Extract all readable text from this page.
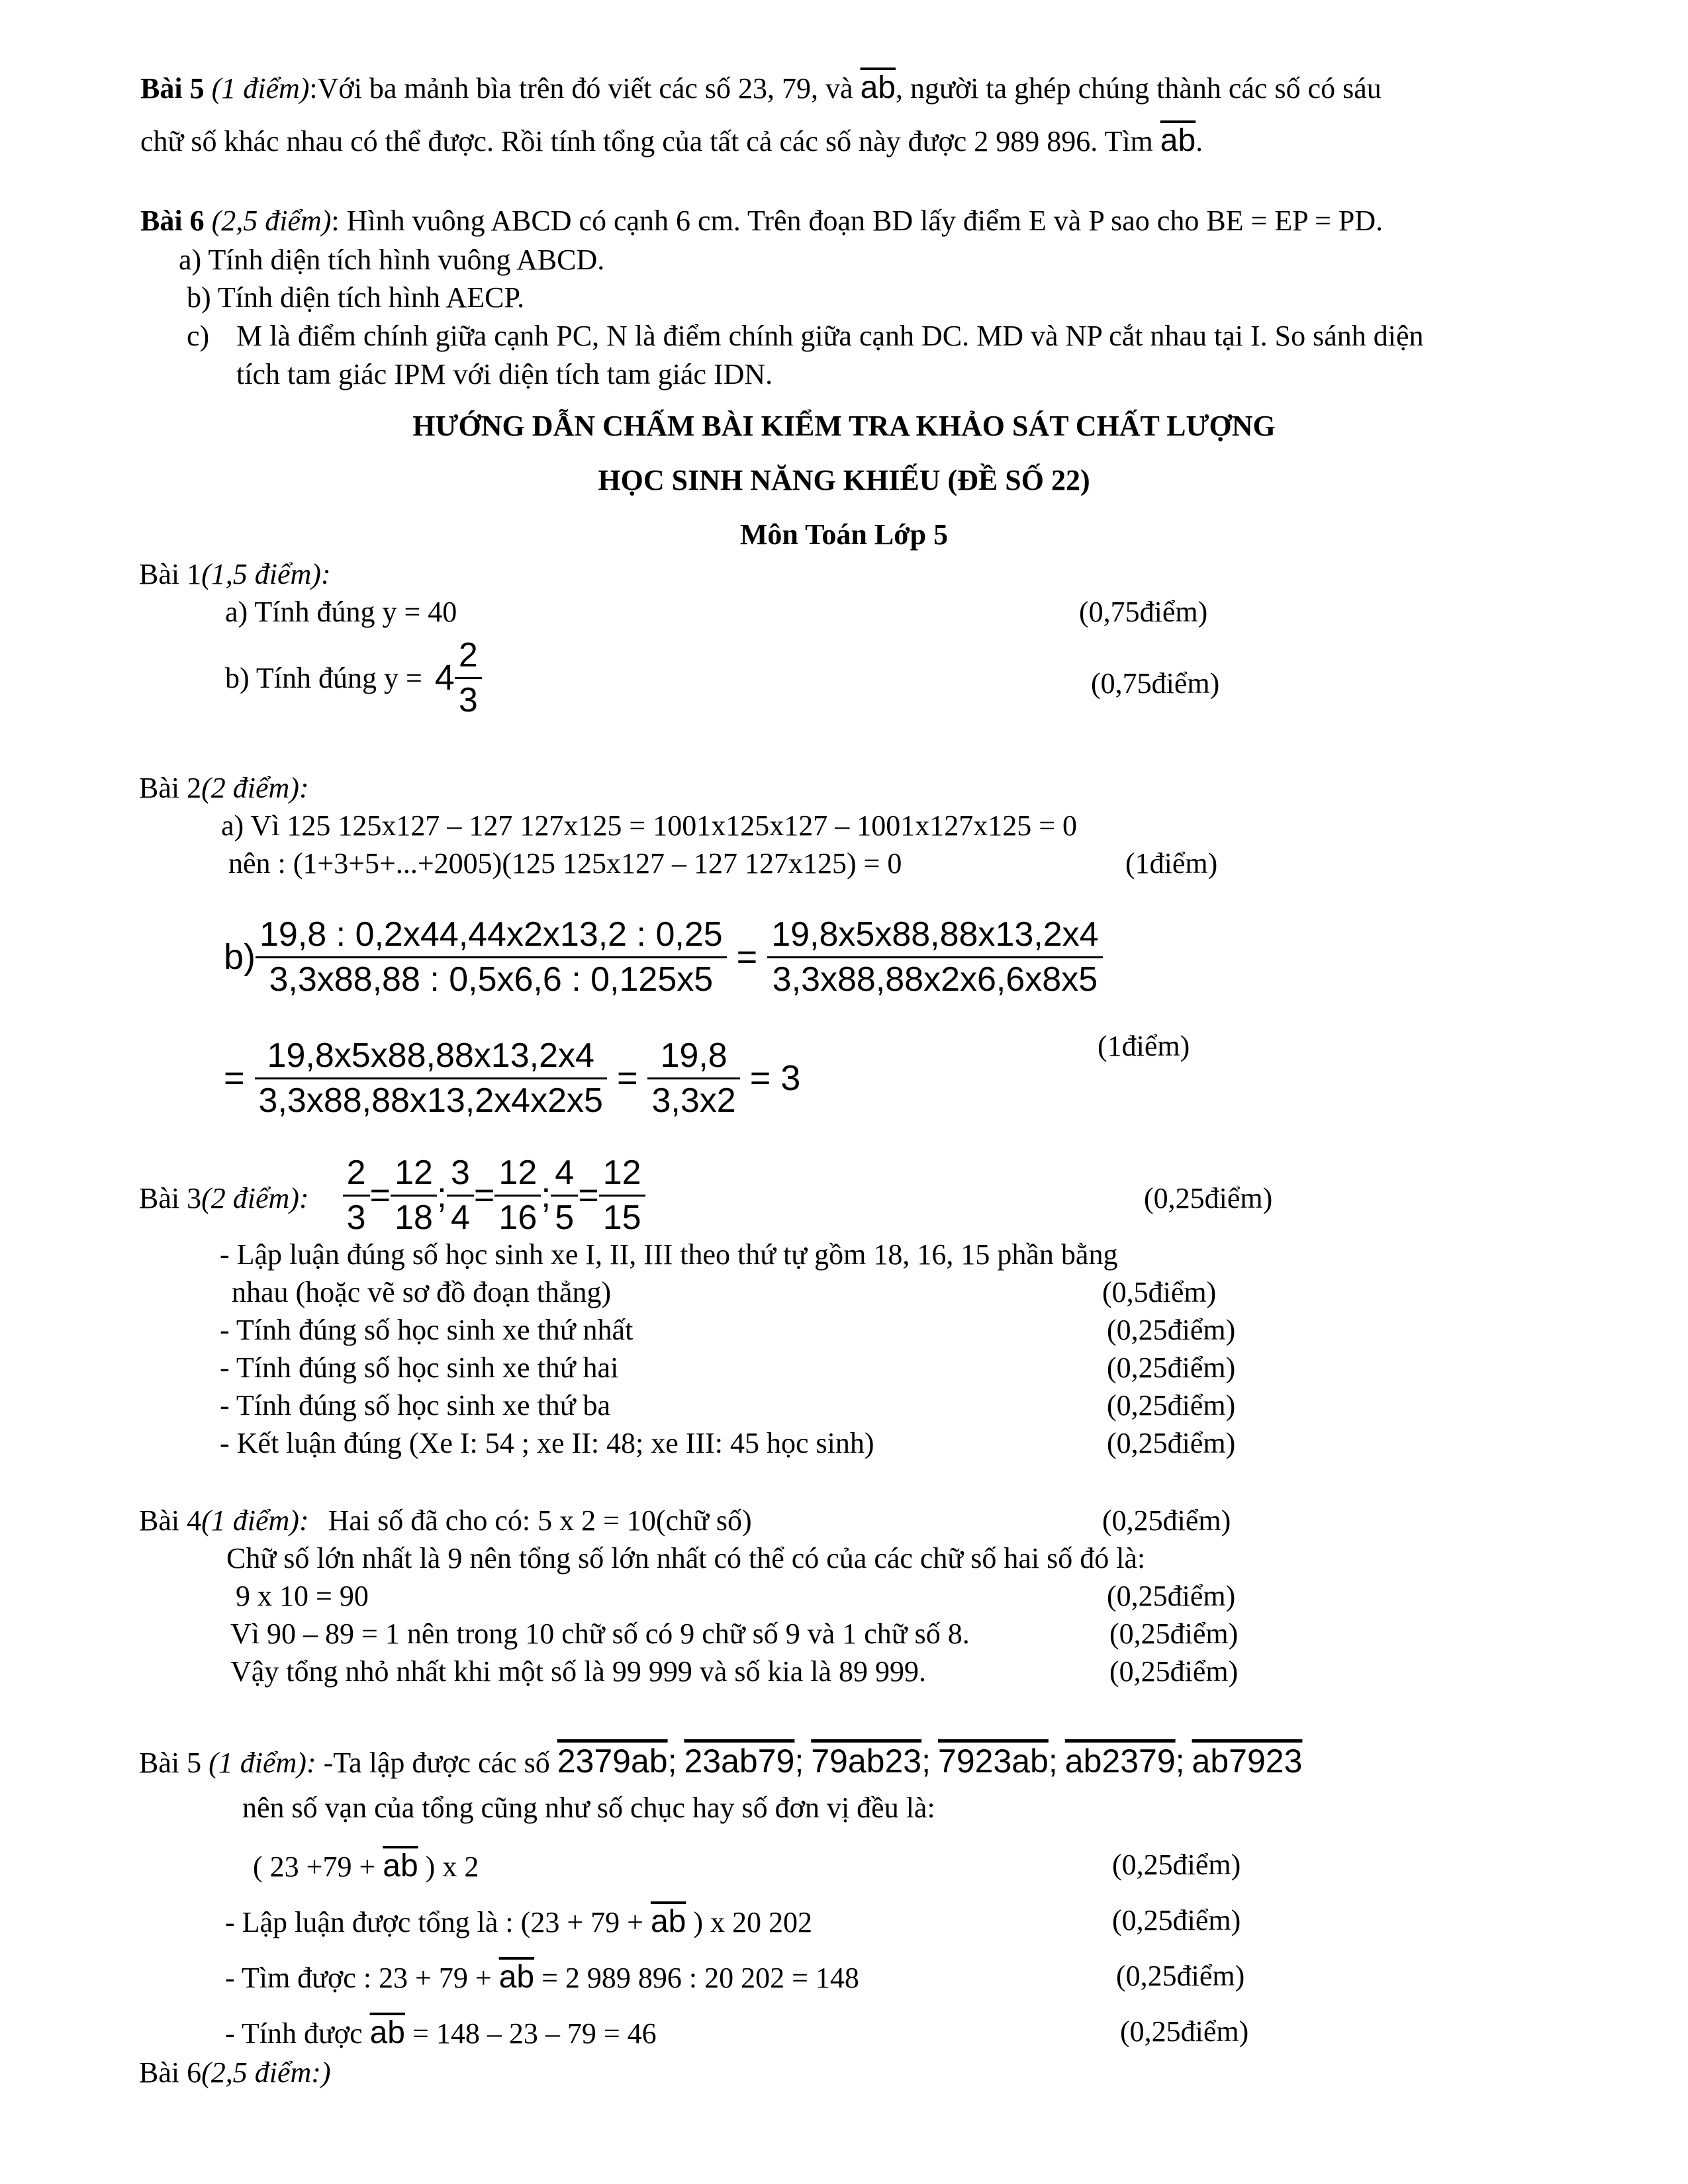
Bài 5 (1 điểm):Với ba mảnh bìa trên đó viết các số 23, 79, và $\overline{ab}$, người ta ghép chúng thành các số có sáu
chữ số khác nhau có thể được. Rồi tính tổng của tất cả các số này được 2 989 896. Tìm $\overline{ab}$.
Bài 6 (2,5 điểm): Hình vuông ABCD có cạnh 6 cm. Trên đoạn BD lấy điểm E và P sao cho BE = EP = PD.
a) Tính diện tích hình vuông ABCD.
b) Tính diện tích hình AECP.
c) M là điểm chính giữa cạnh PC, N là điểm chính giữa cạnh DC. MD và NP cắt nhau tại I. So sánh diện
tích tam giác IPM với diện tích tam giác IDN.
HƯỚNG DẪN CHẤM BÀI KIỂM TRA KHẢO SÁT CHẤT LƯỢNG
HỌC SINH NĂNG KHIẾU (ĐỀ SỐ 22)
Môn Toán Lớp 5
Bài 1(1,5 điểm):
a) Tính đúng y = 40	(0,75điểm)
b) Tính đúng $y = 4 \frac{2}{3}$	(0,75điểm)
Bài 2(2 điểm):
a) Vì 125 125x127 – 127 127x125 = 1001x125x127 – 1001x127x125 = 0
nên : (1+3+5+...+2005)(125 125x127 – 127 127x125) = 0	(1điểm)
$b) \frac{19,8 : 0,2x44,44x2x13,2 : 0,25}{3,3x88,88 : 0,5x6,6 : 0,125x5} = \frac{19,8x5x88,88x13,2x4}{3,3x88,88x2x6,6x8x5}$
(1điểm)
= $\frac{19,8x5x88,88x13,2x4}{3,3x88,88x13,2x4x2x5} = \frac{19,8}{3,3x2} = 3$
Bài 3(2 điểm): $\frac{2}{3} = \frac{12}{18}$ ; $\frac{3}{4} = \frac{12}{16}$ ; $\frac{4}{5} = \frac{12}{15}$	(0,25điểm)
- Lập luận đúng số học sinh xe I, II, III theo thứ tự gồm 18, 16, 15 phần bằng
nhau (hoặc vẽ sơ đồ đoạn thẳng)	(0,5điểm)
- Tính đúng số học sinh xe thứ nhất	(0,25điểm)
- Tính đúng số học sinh xe thứ hai	(0,25điểm)
- Tính đúng số học sinh xe thứ ba	(0,25điểm)
- Kết luận đúng (Xe I: 54 ; xe II: 48; xe III: 45 học sinh)	(0,25điểm)
Bài 4(1 điểm): Hai số đã cho có: 5 x 2 = 10(chữ số)	(0,25điểm)
Chữ số lớn nhất là 9 nên tổng số lớn nhất có thể có của các chữ số hai số đó là:
9 x 10 = 90	(0,25điểm)
Vì 90 – 89 = 1 nên trong 10 chữ số có 9 chữ số 9 và 1 chữ số 8.	(0,25điểm)
Vậy tổng nhỏ nhất khi một số là 99 999 và số kia là 89 999.	(0,25điểm)
Bài 5 (1 điểm): -Ta lập được các số 2379ab; 23ab79; 79ab23; 7923ab; ab2379; ab7923
nên số vạn của tổng cũng như số chục hay số đơn vị đều là:
( $23 +79 + \overline{ab}$ ) x 2	(0,25điểm)
- Lập luận được tổng là : ($23 + 79 + \overline{ab}$ ) x 20 202	(0,25điểm)
- Tìm được : $23 + 79 + \overline{ab} = 2$ 989 896 : 20 202 = 148	(0,25điểm)
- Tính được $\overline{ab} = 148 - 23 - 79 = 46$	(0,25điểm)
Bài 6(2,5 điểm:)
